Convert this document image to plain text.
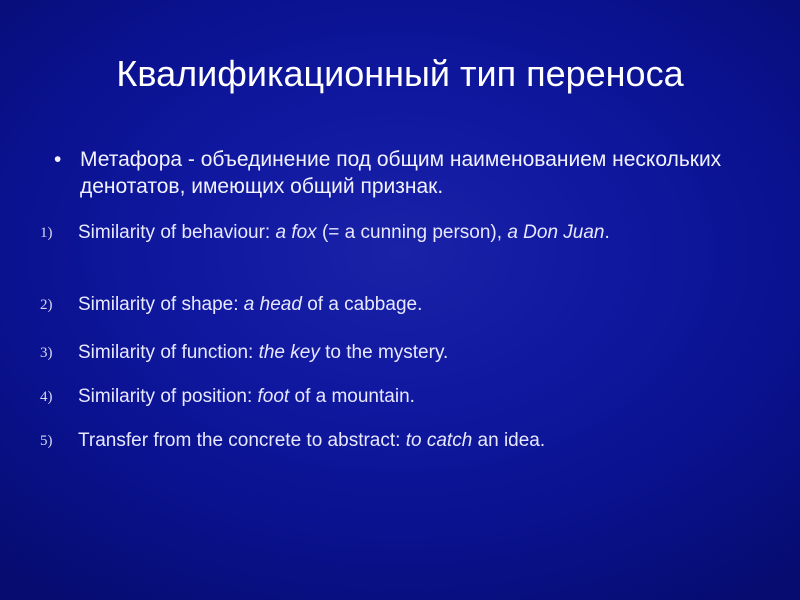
Квалификационный тип переноса
• Метафора - объединение под общим наименованием нескольких денотатов, имеющих общий признак.
1)	Similarity of behaviour: a fox (= a cunning person), a Don Juan.
2)	Similarity of shape: a head of a cabbage.
3)	Similarity of function: the key to the mystery.
4)	Similarity of position: foot of a mountain.
5)	Transfer from the concrete to abstract: to catch an idea.
